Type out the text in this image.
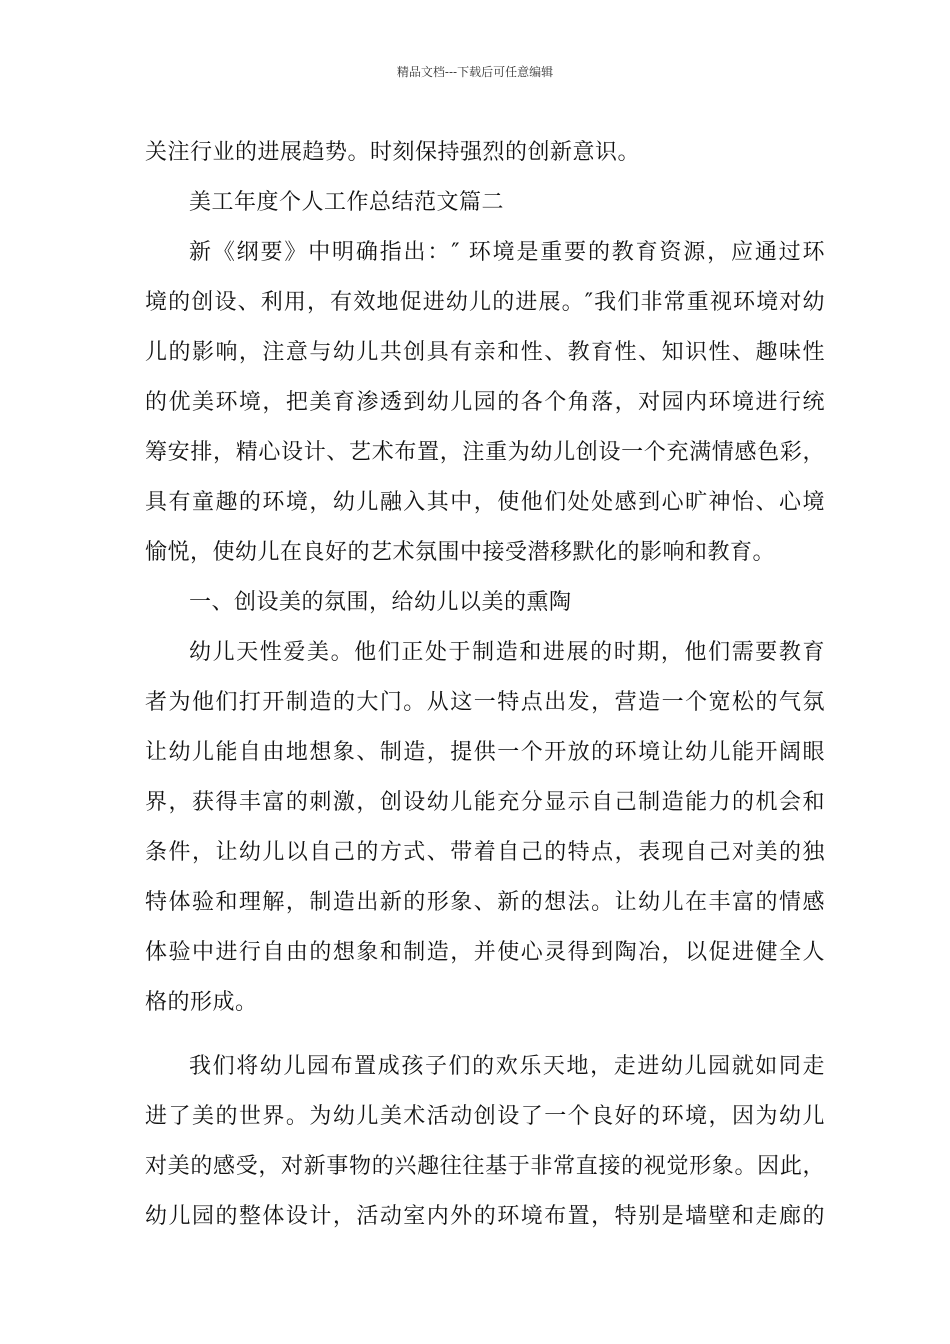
精品文档---下载后可任意编辑
关注行业的进展趋势。时刻保持强烈的创新意识。
美工年度个人工作总结范文篇二
新《纲要》中明确指出：″ 环境是重要的教育资源，应通过环
境的创设、利用，有效地促进幼儿的进展。″我们非常重视环境对幼
儿的影响，注意与幼儿共创具有亲和性、教育性、知识性、趣味性
的优美环境，把美育渗透到幼儿园的各个角落，对园内环境进行统
筹安排，精心设计、艺术布置，注重为幼儿创设一个充满情感色彩，
具有童趣的环境，幼儿融入其中，使他们处处感到心旷神怡、心境
愉悦，使幼儿在良好的艺术氛围中接受潜移默化的影响和教育。
一、创设美的氛围，给幼儿以美的熏陶
幼儿天性爱美。他们正处于制造和进展的时期，他们需要教育
者为他们打开制造的大门。从这一特点出发，营造一个宽松的气氛
让幼儿能自由地想象、制造，提供一个开放的环境让幼儿能开阔眼
界，获得丰富的刺激，创设幼儿能充分显示自己制造能力的机会和
条件，让幼儿以自己的方式、带着自己的特点，表现自己对美的独
特体验和理解，制造出新的形象、新的想法。让幼儿在丰富的情感
体验中进行自由的想象和制造，并使心灵得到陶冶，以促进健全人
格的形成。
我们将幼儿园布置成孩子们的欢乐天地，走进幼儿园就如同走
进了美的世界。为幼儿美术活动创设了一个良好的环境，因为幼儿
对美的感受，对新事物的兴趣往往基于非常直接的视觉形象。因此，
幼儿园的整体设计，活动室内外的环境布置，特别是墙壁和走廊的
